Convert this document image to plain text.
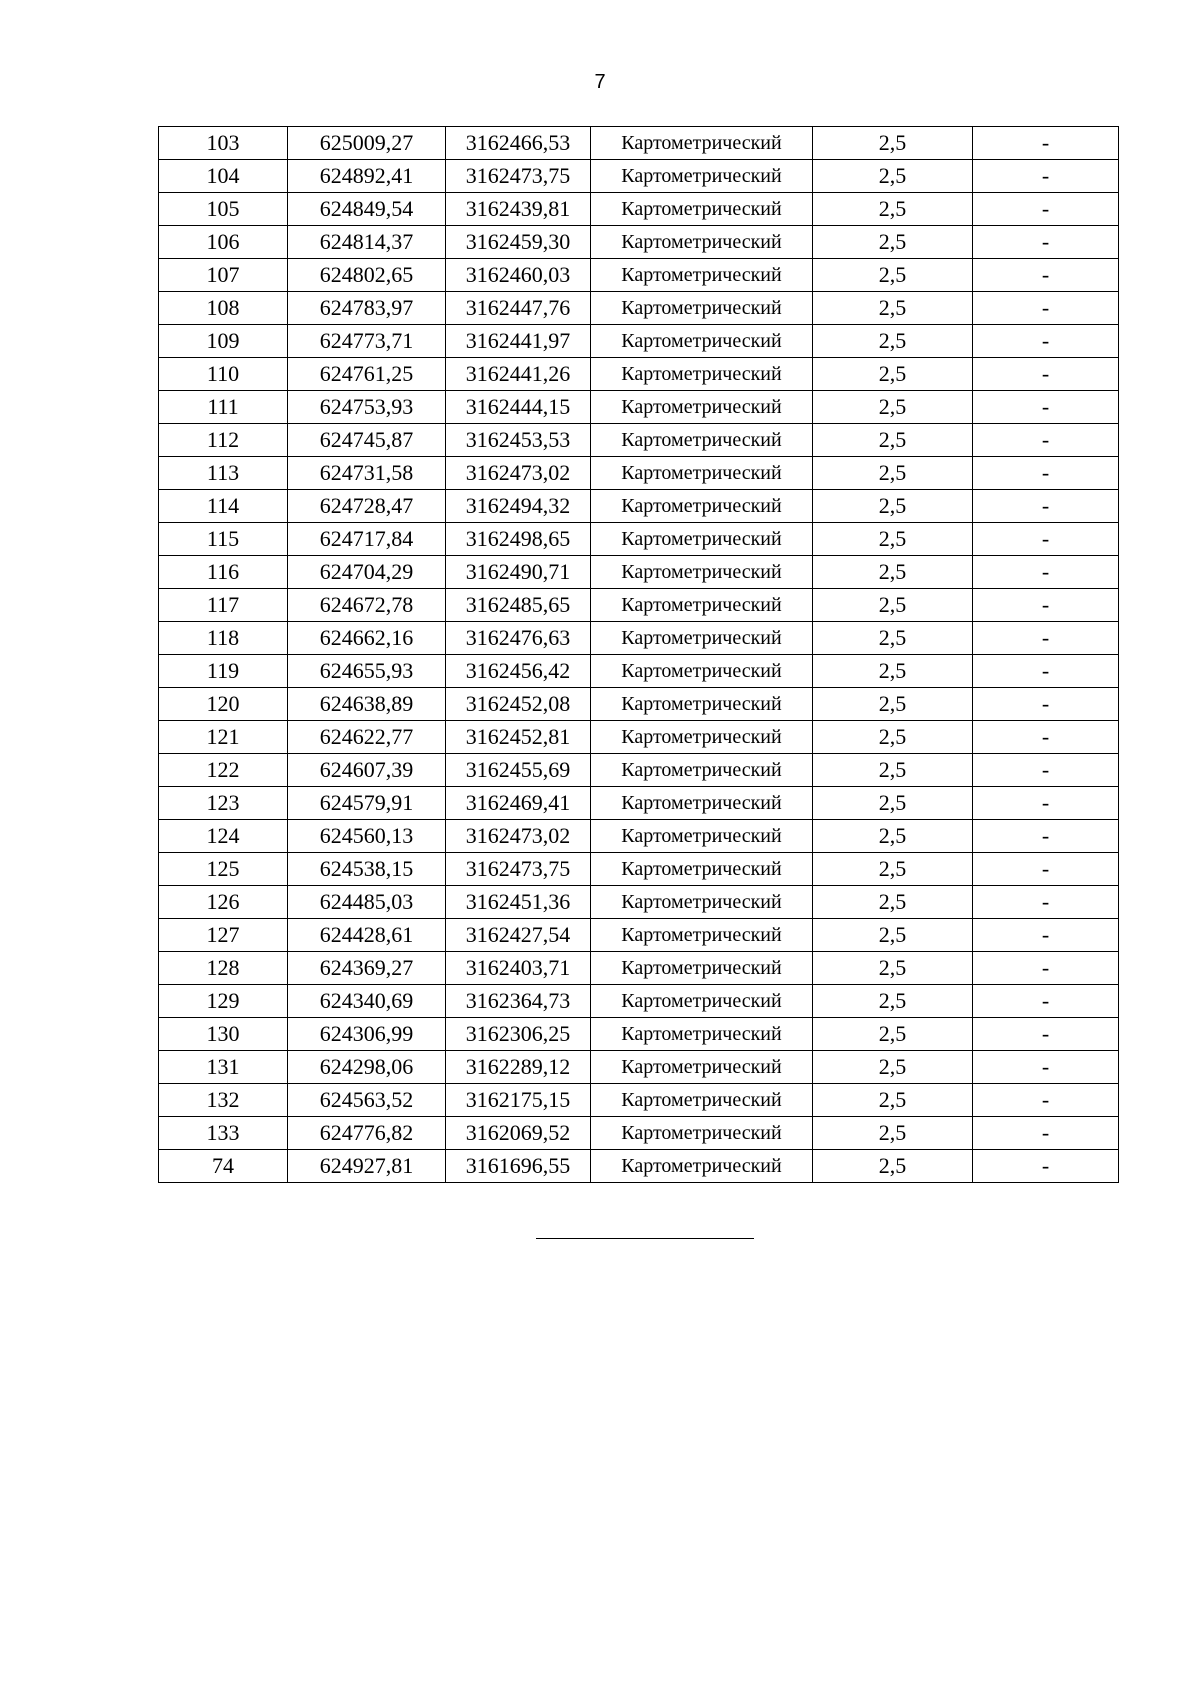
7
103	625009,27	3162466,53	Картометрический	2,5	-
104	624892,41	3162473,75	Картометрический	2,5	-
105	624849,54	3162439,81	Картометрический	2,5	-
106	624814,37	3162459,30	Картометрический	2,5	-
107	624802,65	3162460,03	Картометрический	2,5	-
108	624783,97	3162447,76	Картометрический	2,5	-
109	624773,71	3162441,97	Картометрический	2,5	-
110	624761,25	3162441,26	Картометрический	2,5	-
111	624753,93	3162444,15	Картометрический	2,5	-
112	624745,87	3162453,53	Картометрический	2,5	-
113	624731,58	3162473,02	Картометрический	2,5	-
114	624728,47	3162494,32	Картометрический	2,5	-
115	624717,84	3162498,65	Картометрический	2,5	-
116	624704,29	3162490,71	Картометрический	2,5	-
117	624672,78	3162485,65	Картометрический	2,5	-
118	624662,16	3162476,63	Картометрический	2,5	-
119	624655,93	3162456,42	Картометрический	2,5	-
120	624638,89	3162452,08	Картометрический	2,5	-
121	624622,77	3162452,81	Картометрический	2,5	-
122	624607,39	3162455,69	Картометрический	2,5	-
123	624579,91	3162469,41	Картометрический	2,5	-
124	624560,13	3162473,02	Картометрический	2,5	-
125	624538,15	3162473,75	Картометрический	2,5	-
126	624485,03	3162451,36	Картометрический	2,5	-
127	624428,61	3162427,54	Картометрический	2,5	-
128	624369,27	3162403,71	Картометрический	2,5	-
129	624340,69	3162364,73	Картометрический	2,5	-
130	624306,99	3162306,25	Картометрический	2,5	-
131	624298,06	3162289,12	Картометрический	2,5	-
132	624563,52	3162175,15	Картометрический	2,5	-
133	624776,82	3162069,52	Картометрический	2,5	-
74	624927,81	3161696,55	Картометрический	2,5	-
